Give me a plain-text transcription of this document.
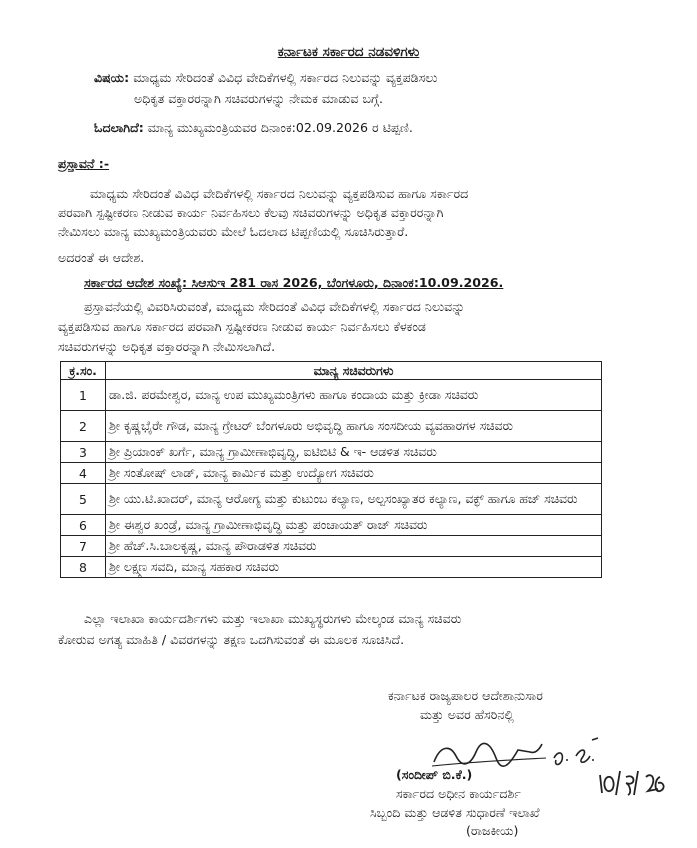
ಕರ್ನಾಟಕ ಸರ್ಕಾರದ ನಡವಳಿಗಳು
ವಿಷಯ: ಮಾಧ್ಯಮ ಸೇರಿದಂತೆ ವಿವಿಧ ವೇದಿಕೆಗಳಲ್ಲಿ ಸರ್ಕಾರದ ನಿಲುವನ್ನು ವ್ಯಕ್ತಪಡಿಸಲು
ಅಧಿಕೃತ ವಕ್ತಾರರನ್ನಾಗಿ ಸಚಿವರುಗಳನ್ನು ನೇಮಕ ಮಾಡುವ ಬಗ್ಗೆ.
ಓದಲಾಗಿದೆ: ಮಾನ್ಯ ಮುಖ್ಯಮಂತ್ರಿಯವರ ದಿನಾಂಕ:02.09.2026 ರ ಟಿಪ್ಪಣಿ.
ಪ್ರಸ್ತಾವನೆ :-
ಮಾಧ್ಯಮ ಸೇರಿದಂತೆ ವಿವಿಧ ವೇದಿಕೆಗಳಲ್ಲಿ ಸರ್ಕಾರದ ನಿಲುವನ್ನು ವ್ಯಕ್ತಪಡಿಸುವ ಹಾಗೂ ಸರ್ಕಾರದ
ಪರವಾಗಿ ಸ್ಪಷ್ಟೀಕರಣ ನೀಡುವ ಕಾರ್ಯ ನಿರ್ವಹಿಸಲು ಕೆಲವು ಸಚಿವರುಗಳನ್ನು ಅಧಿಕೃತ ವಕ್ತಾರರನ್ನಾಗಿ
ನೇಮಿಸಲು ಮಾನ್ಯ ಮುಖ್ಯಮಂತ್ರಿಯವರು ಮೇಲೆ ಓದಲಾದ ಟಿಪ್ಪಣಿಯಲ್ಲಿ ಸೂಚಿಸಿರುತ್ತಾರೆ.
ಅದರಂತೆ ಈ ಆದೇಶ.
ಸರ್ಕಾರದ ಆದೇಶ ಸಂಖ್ಯೆ: ಸಿಆಸುಇ 281 ರಾಸ 2026, ಬೆಂಗಳೂರು, ದಿನಾಂಕ:10.09.2026.
ಪ್ರಸ್ತಾವನೆಯಲ್ಲಿ ವಿವರಿಸಿರುವಂತೆ, ಮಾಧ್ಯಮ ಸೇರಿದಂತೆ ವಿವಿಧ ವೇದಿಕೆಗಳಲ್ಲಿ ಸರ್ಕಾರದ ನಿಲುವನ್ನು
ವ್ಯಕ್ತಪಡಿಸುವ ಹಾಗೂ ಸರ್ಕಾರದ ಪರವಾಗಿ ಸ್ಪಷ್ಟೀಕರಣ ನೀಡುವ ಕಾರ್ಯ ನಿರ್ವಹಿಸಲು ಕೆಳಕಂಡ
ಸಚಿವರುಗಳನ್ನು ಅಧಿಕೃತ ವಕ್ತಾರರನ್ನಾಗಿ ನೇಮಿಸಲಾಗಿದೆ.
ಕ್ರ.ಸಂ.	ಮಾನ್ಯ ಸಚಿವರುಗಳು
1	ಡಾ.ಜಿ. ಪರಮೇಶ್ವರ, ಮಾನ್ಯ ಉಪ ಮುಖ್ಯಮಂತ್ರಿಗಳು ಹಾಗೂ ಕಂದಾಯ ಮತ್ತು ಕ್ರೀಡಾ ಸಚಿವರು
2	ಶ್ರೀ ಕೃಷ್ಣಭೈರೇ ಗೌಡ, ಮಾನ್ಯ ಗ್ರೇಟರ್ ಬೆಂಗಳೂರು ಅಭಿವೃದ್ಧಿ ಹಾಗೂ ಸಂಸದೀಯ ವ್ಯವಹಾರಗಳ ಸಚಿವರು
3	ಶ್ರೀ ಪ್ರಿಯಾಂಕ್ ಖರ್ಗೆ, ಮಾನ್ಯ ಗ್ರಾಮೀಣಾಭಿವೃದ್ಧಿ, ಐಟಿಬಿಟಿ & ಇ- ಆಡಳಿತ ಸಚಿವರು
4	ಶ್ರೀ ಸಂತೋಷ್ ಲಾಡ್, ಮಾನ್ಯ ಕಾರ್ಮಿಕ ಮತ್ತು ಉದ್ಯೋಗ ಸಚಿವರು
5	ಶ್ರೀ ಯು.ಟಿ.ಖಾದರ್, ಮಾನ್ಯ ಆರೋಗ್ಯ ಮತ್ತು ಕುಟುಂಬ ಕಲ್ಯಾಣ, ಅಲ್ಪಸಂಖ್ಯಾತರ ಕಲ್ಯಾಣ, ವಕ್ಫ್ ಹಾಗೂ ಹಜ್ ಸಚಿವರು
6	ಶ್ರೀ ಈಶ್ವರ ಖಂಡ್ರೆ, ಮಾನ್ಯ ಗ್ರಾಮೀಣಾಭಿವೃದ್ಧಿ ಮತ್ತು ಪಂಚಾಯತ್ ರಾಜ್ ಸಚಿವರು
7	ಶ್ರೀ ಹೆಚ್.ಸಿ.ಬಾಲಕೃಷ್ಣ, ಮಾನ್ಯ ಪೌರಾಡಳಿತ ಸಚಿವರು
8	ಶ್ರೀ ಲಕ್ಷ್ಮಣ ಸವದಿ, ಮಾನ್ಯ ಸಹಕಾರ ಸಚಿವರು
ಎಲ್ಲಾ ಇಲಾಖಾ ಕಾರ್ಯದರ್ಶಿಗಳು ಮತ್ತು ಇಲಾಖಾ ಮುಖ್ಯಸ್ಥರುಗಳು ಮೇಲ್ಕಂಡ ಮಾನ್ಯ ಸಚಿವರು
ಕೋರುವ ಅಗತ್ಯ ಮಾಹಿತಿ / ವಿವರಗಳನ್ನು ತಕ್ಷಣ ಒದಗಿಸುವಂತೆ ಈ ಮೂಲಕ ಸೂಚಿಸಿದೆ.
ಕರ್ನಾಟಕ ರಾಜ್ಯಪಾಲರ ಆದೇಶಾನುಸಾರ
ಮತ್ತು ಅವರ ಹೆಸರಿನಲ್ಲಿ
(ಸಂದೀಪ್ ಬಿ.ಕೆ.)
ಸರ್ಕಾರದ ಅಧೀನ ಕಾರ್ಯದರ್ಶಿ
ಸಿಬ್ಬಂದಿ ಮತ್ತು ಆಡಳಿತ ಸುಧಾರಣೆ ಇಲಾಖೆ
(ರಾಜಕೀಯ)
